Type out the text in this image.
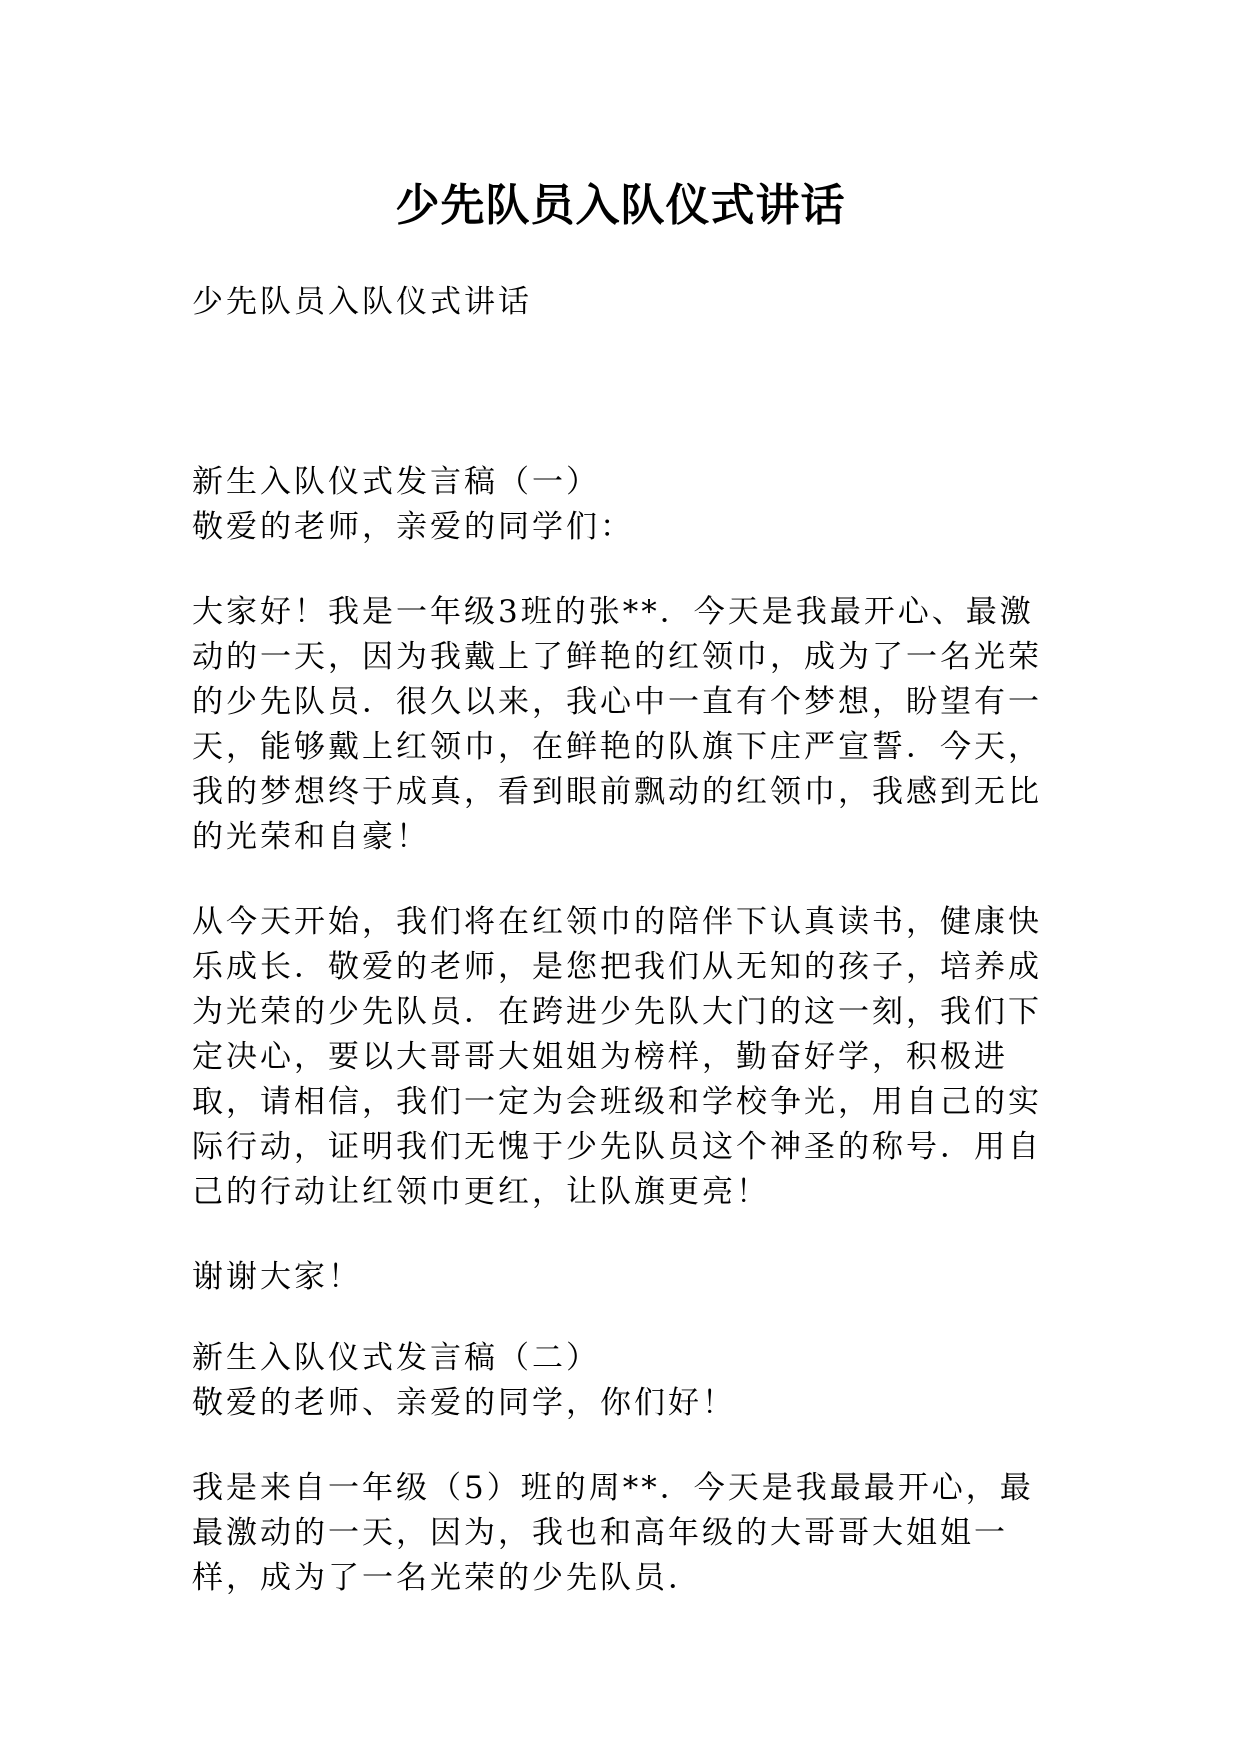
少先队员入队仪式讲话

少先队员入队仪式讲话

新生入队仪式发言稿（一）

敬爱的老师，亲爱的同学们：

大家好！我是一年级3班的张**．今天是我最开心、最激动的一天，因为我戴上了鲜艳的红领巾，成为了一名光荣的少先队员．很久以来，我心中一直有个梦想，盼望有一天，能够戴上红领巾，在鲜艳的队旗下庄严宣誓．今天，我的梦想终于成真，看到眼前飘动的红领巾，我感到无比的光荣和自豪！

从今天开始，我们将在红领巾的陪伴下认真读书，健康快乐成长．敬爱的老师，是您把我们从无知的孩子，培养成为光荣的少先队员．在跨进少先队大门的这一刻，我们下定决心，要以大哥哥大姐姐为榜样，勤奋好学，积极进取，请相信，我们一定为会班级和学校争光，用自己的实际行动，证明我们无愧于少先队员这个神圣的称号．用自己的行动让红领巾更红，让队旗更亮！

谢谢大家！

新生入队仪式发言稿（二）

敬爱的老师、亲爱的同学，你们好！

我是来自一年级（5）班的周**．今天是我最最开心，最最激动的一天，因为，我也和高年级的大哥哥大姐姐一样，成为了一名光荣的少先队员．
